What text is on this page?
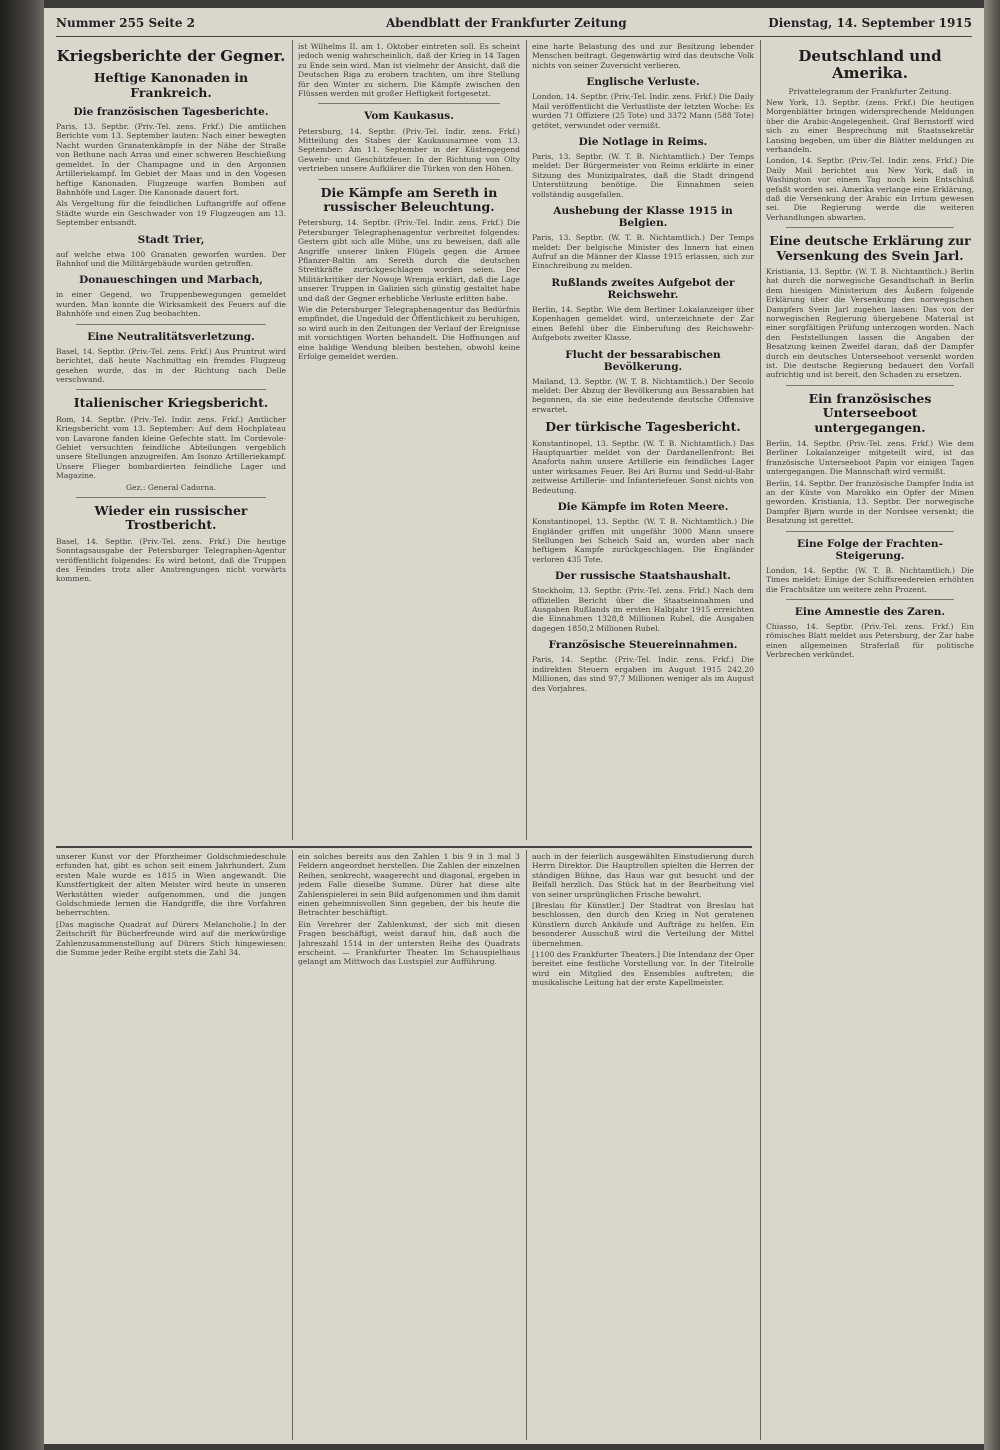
Nummer 255 Seite 2	Abendblatt der Frankfurter Zeitung	Dienstag, 14. September 1915
Kriegsberichte der Gegner.
Heftige Kanonaden in Frankreich.
Die französischen Tagesberichte.

Paris, 13. Septbr. (Priv.-Tel. zens. Frkf.) Die amtlichen Berichte vom 13. September lauten: Nach einer bewegten Nacht wurden Granatenkämpfe in der Nähe der Straße von Bethune nach Arras und einer schweren Beschießung gemeldet. In der Champagne und in den Argonnen Artilleriekampf. Im Gebiet der Maas und in den Vogesen heftige Kanonaden. Flugzeuge warfen Bomben auf Bahnhöfe und Lager. Die Kanonade dauert fort.

Als Vergeltung für die feindlichen Luftangriffe auf offene Städte wurde ein Geschwader von 19 Flugzeugen am 13. September entsandt.

Stadt Trier,

auf welche etwa 100 Granaten geworfen wurden. Der Bahnhof und die Militärgebäude wurden getroffen.

Donaueschingen und Marbach,

in einer Gegend, wo Truppenbewegungen gemeldet wurden. Man konnte die Wirksamkeit des Feuers auf die Bahnhöfe und einen Zug beobachten.

Eine Neutralitätsverletzung.

Basel, 14. Septbr. (Priv.-Tel. zens. Frkf.) Aus Pruntrut wird berichtet, daß heute Nachmittag ein fremdes Flugzeug gesehen wurde, das in der Richtung nach Delle verschwand.

Italienischer Kriegsbericht.

Rom, 14. Septbr. (Priv.-Tel. Indir. zens. Frkf.) Amtlicher Kriegsbericht vom 13. September: Auf dem Hochplateau von Lavarone fanden kleine Gefechte statt. Im Cordevole-Gebiet versuchten feindliche Abteilungen vergeblich unsere Stellungen anzugreifen. Am Isonzo Artilleriekampf. Unsere Flieger bombardierten feindliche Lager und Magazine.

Gez.: General Cadorna.

Wieder ein russischer Trostbericht.

Basel, 14. Septbr. (Priv.-Tel. zens. Frkf.) Die heutige Sonntagsausgabe der Petersburger Telegraphen-Agentur veröffentlicht folgendes: Es wird betont, daß die Truppen des Feindes trotz aller Anstrengungen nicht vorwärts kommen.

ist Wilhelms II. am 1. Oktober eintreten soll. Es scheint jedoch wenig wahrscheinlich, daß der Krieg in 14 Tagen zu Ende sein wird. Man ist vielmehr der Ansicht, daß die Deutschen Riga zu erobern trachten, um ihre Stellung für den Winter zu sichern. Die Kämpfe zwischen den Flüssen werden mit großer Heftigkeit fortgesetzt.

Vom Kaukasus.

Petersburg, 14. Septbr. (Priv.-Tel. Indir. zens. Frkf.) Mitteilung des Stabes der Kaukasusarmee vom 13. September: Am 11. September in der Küstengegend Gewehr- und Geschützfeuer. In der Richtung von Olty vertrieben unsere Aufklärer die Türken von den Höhen.

Die Kämpfe am Sereth in russischer Beleuchtung.

Petersburg, 14. Septbr. (Priv.-Tel. Indir. zens. Frkf.) Die Petersburger Telegraphenagentur verbreitet folgendes: Gestern gibt sich alle Mühe, uns zu beweisen, daß alle Angriffe unserer linken Flügels gegen die Armee Pflanzer-Baltin am Sereth durch die deutschen Streitkräfte zurückgeschlagen worden seien. Der Militärkritiker der Nowoje Wremja erklärt, daß die Lage unserer Truppen in Galizien sich günstig gestaltet habe und daß der Gegner erhebliche Verluste erlitten habe.

Wie die Petersburger Telegraphenagentur das Bedürfnis empfindet, die Ungeduld der Öffentlichkeit zu beruhigen, so wird auch in den Zeitungen der Verlauf der Ereignisse mit vorsichtigen Worten behandelt. Die Hoffnungen auf eine baldige Wendung bleiben bestehen, obwohl keine Erfolge gemeldet werden.

eine harte Belastung des und zur Besitzung lebender Menschen beitragt. Gegenwärtig wird das deutsche Volk nichts von seiner Zuversicht verlieren.

Englische Verluste.

London, 14. Septbr. (Priv.-Tel. Indir. zens. Frkf.) Die Daily Mail veröffentlicht die Verlustliste der letzten Woche: Es wurden 71 Offiziere (25 Tote) und 3372 Mann (588 Tote) getötet, verwundet oder vermißt.

Die Notlage in Reims.

Paris, 13. Septbr. (W. T. B. Nichtamtlich.) Der Temps meldet: Der Bürgermeister von Reims erklärte in einer Sitzung des Munizipalrates, daß die Stadt dringend Unterstützung benötige. Die Einnahmen seien vollständig ausgefallen.

Aushebung der Klasse 1915 in Belgien.

Paris, 13. Septbr. (W. T. B. Nichtamtlich.) Der Temps meldet: Der belgische Minister des Innern hat einen Aufruf an die Männer der Klasse 1915 erlassen, sich zur Einschreibung zu melden.

Rußlands zweites Aufgebot der Reichswehr.

Berlin, 14. Septbr. Wie dem Berliner Lokalanzeiger über Kopenhagen gemeldet wird, unterzeichnete der Zar einen Befehl über die Einberufung des Reichswehr-Aufgebots zweiter Klasse.

Flucht der bessarabischen Bevölkerung.

Mailand, 13. Septbr. (W. T. B. Nichtamtlich.) Der Secolo meldet: Der Abzug der Bevölkerung aus Bessarabien hat begonnen, da sie eine bedeutende deutsche Offensive erwartet.

Der türkische Tagesbericht.

Konstantinopel, 13. Septbr. (W. T. B. Nichtamtlich.) Das Hauptquartier meldet von der Dardanellenfront: Bei Anaforta nahm unsere Artillerie ein feindliches Lager unter wirksames Feuer. Bei Ari Burnu und Sedd-ul-Bahr zeitweise Artillerie- und Infanteriefeuer. Sonst nichts von Bedeutung.

Die Kämpfe im Roten Meere.

Konstantinopel, 13. Septbr. (W. T. B. Nichtamtlich.) Die Engländer griffen mit ungefähr 3000 Mann unsere Stellungen bei Scheich Said an, wurden aber nach heftigem Kampfe zurückgeschlagen. Die Engländer verloren 435 Tote.

Der russische Staatshaushalt.

Stockholm, 13. Septbr. (Priv.-Tel. zens. Frkf.) Nach dem offiziellen Bericht über die Staatseinnahmen und Ausgaben Rußlands im ersten Halbjahr 1915 erreichten die Einnahmen 1328,8 Millionen Rubel, die Ausgaben dagegen 1850,2 Millionen Rubel.

Französische Steuereinnahmen.

Paris, 14. Septbr. (Priv.-Tel. Indir. zens. Frkf.) Die indirekten Steuern ergaben im August 1915 242,20 Millionen, das sind 97,7 Millionen weniger als im August des Vorjahres.

Deutschland und Amerika.

Privattelegramm der Frankfurter Zeitung.

New York, 13. Septbr. (zens. Frkf.) Die heutigen Morgenblätter bringen widersprechende Meldungen über die Arabic-Angelegenheit. Graf Bernstorff wird sich zu einer Besprechung mit Staatssekretär Lansing begeben, um über die Blätter meldungen zu verhandeln.

London, 14. Septbr. (Priv.-Tel. Indir. zens. Frkf.) Die Daily Mail berichtet aus New York, daß in Washington vor einem Tag noch kein Entschluß gefaßt worden sei. Amerika verlange eine Erklärung, daß die Versenkung der Arabic ein Irrtum gewesen sei. Die Regierung werde die weiteren Verhandlungen abwarten.

Eine deutsche Erklärung zur Versenkung des Svein Jarl.

Kristiania, 13. Septbr. (W. T. B. Nichtamtlich.) Berlin hat durch die norwegische Gesandtschaft in Berlin dem hiesigen Ministerium des Äußern folgende Erklärung über die Versenkung des norwegischen Dampfers Svein Jarl zugehen lassen: Das von der norwegischen Regierung übergebene Material ist einer sorgfältigen Prüfung unterzogen worden. Nach den Feststellungen lassen die Angaben der Besatzung keinen Zweifel daran, daß der Dampfer durch ein deutsches Unterseeboot versenkt worden ist. Die deutsche Regierung bedauert den Vorfall aufrichtig und ist bereit, den Schaden zu ersetzen.

Ein französisches Unterseeboot untergegangen.

Berlin, 14. Septbr. (Priv.-Tel. zens. Frkf.) Wie dem Berliner Lokalanzeiger mitgeteilt wird, ist das französische Unterseeboot Papin vor einigen Tagen untergegangen. Die Mannschaft wird vermißt.

Berlin, 14. Septbr. Der französische Dampfer India ist an der Küste von Marokko ein Opfer der Minen geworden. Kristiania, 13. Septbr. Der norwegische Dampfer Bjørn wurde in der Nordsee versenkt; die Besatzung ist gerettet.

Eine Folge der Frachten-Steigerung.

London, 14. Septbr. (W. T. B. Nichtamtlich.) Die Times meldet: Einige der Schiffsreedereien erhöhten die Frachtsätze um weitere zehn Prozent.

Eine Amnestie des Zaren.

Chiasso, 14. Septbr. (Priv.-Tel. zens. Frkf.) Ein römisches Blatt meldet aus Petersburg, der Zar habe einen allgemeinen Straferlaß für politische Verbrechen verkündet.

unserer Kunst vor der Pforzheimer Goldschmiedeschule erfunden hat, gibt es schon seit einem Jahrhundert. Zum ersten Male wurde es 1815 in Wien angewandt. Die Kunstfertigkeit der alten Meister wird heute in unseren Werkstätten wieder aufgenommen, und die jungen Goldschmiede lernen die Handgriffe, die ihre Vorfahren beherrschten.

[Das magische Quadrat auf Dürers Melancholie.] In der Zeitschrift für Bücherfreunde wird auf die merkwürdige Zahlenzusammenstellung auf Dürers Stich hingewiesen: die Summe jeder Reihe ergibt stets die Zahl 34.

ein solches bereits aus den Zahlen 1 bis 9 in 3 mal 3 Feldern angeordnet herstellen. Die Zahlen der einzelnen Reihen, senkrecht, waagerecht und diagonal, ergeben in jedem Falle dieselbe Summe. Dürer hat diese alte Zahlenspielerei in sein Bild aufgenommen und ihm damit einen geheimnisvollen Sinn gegeben, der bis heute die Betrachter beschäftigt.

Ein Verehrer der Zahlenkunst, der sich mit diesen Fragen beschäftigt, weist darauf hin, daß auch die Jahreszahl 1514 in der untersten Reihe des Quadrats erscheint. — Frankfurter Theater. Im Schauspielhaus gelangt am Mittwoch das Lustspiel zur Aufführung.

auch in der feierlich ausgewählten Einstudierung durch Herrn Direktor. Die Hauptrollen spielten die Herren der ständigen Bühne, das Haus war gut besucht und der Beifall herzlich. Das Stück hat in der Bearbeitung viel von seiner ursprünglichen Frische bewahrt.

[Breslau für Künstler.] Der Stadtrat von Breslau hat beschlossen, den durch den Krieg in Not geratenen Künstlern durch Ankäufe und Aufträge zu helfen. Ein besonderer Ausschuß wird die Verteilung der Mittel übernehmen.

[1100 des Frankfurter Theaters.] Die Intendanz der Oper bereitet eine festliche Vorstellung vor. In der Titelrolle wird ein Mitglied des Ensembles auftreten; die musikalische Leitung hat der erste Kapellmeister.
